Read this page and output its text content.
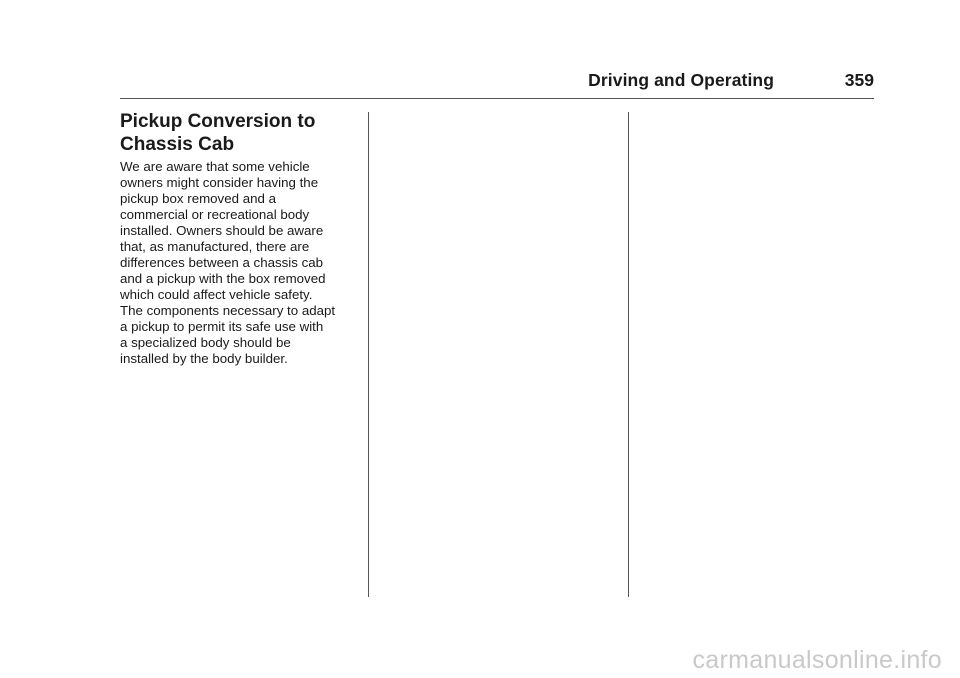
Driving and Operating	359
Pickup Conversion to
Chassis Cab

We are aware that some vehicle
owners might consider having the
pickup box removed and a
commercial or recreational body
installed. Owners should be aware
that, as manufactured, there are
differences between a chassis cab
and a pickup with the box removed
which could affect vehicle safety.
The components necessary to adapt
a pickup to permit its safe use with
a specialized body should be
installed by the body builder.

carmanualsonline.info
